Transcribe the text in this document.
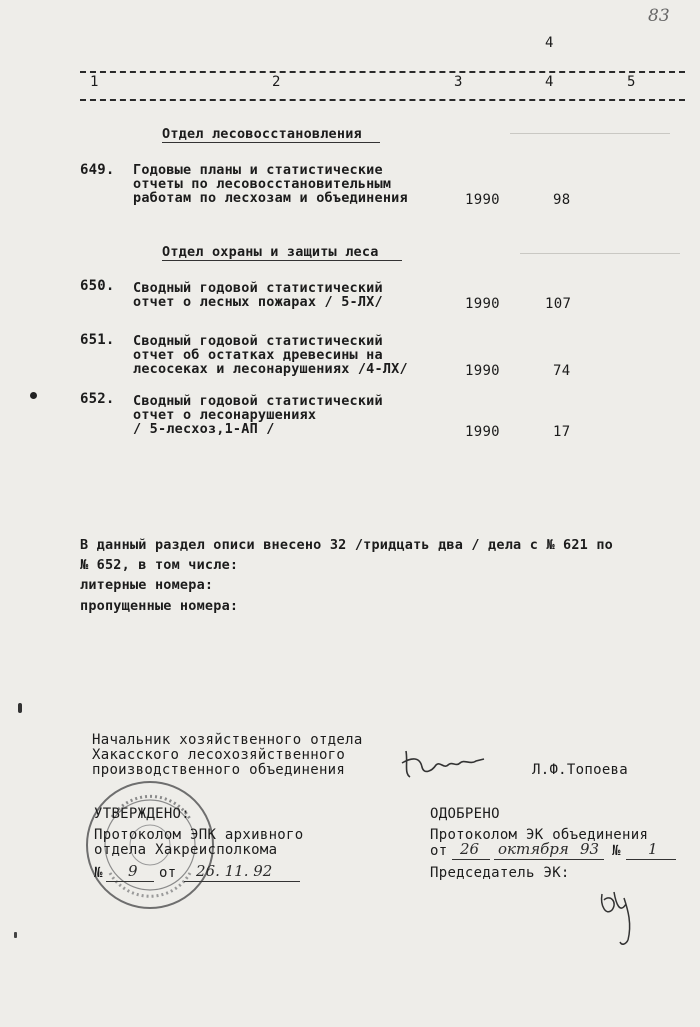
83
4
1	2	3	4	5
Отдел лесовосстановления
649. Годовые планы и статистические
отчеты по лесовосстановительным
работам по лесхозам и объединения	1990	98
Отдел охраны и защиты леса
650. Сводный годовой статистический
отчет о лесных пожарах / 5-ЛХ/	1990	107
651. Сводный годовой статистический
отчет об остатках древесины на
лесосеках и лесонарушениях /4-ЛХ/	1990	74
652. Сводный годовой статистический
отчет о лесонарушениях
/ 5-лесхоз,1-АП /	1990	17
В данный раздел описи внесено 32 /тридцать два / дела с № 621 по
№ 652, в том числе:
литерные номера:
пропущенные номера:
Начальник хозяйственного отдела
Хакасского лесохозяйственного
производственного объединения	Л.Ф.Топоева
УТВЕРЖДЕНО:
Протоколом ЭПК архивного
отдела Хакреисполкома
№ 9 от 26. 11. 92
ОДОБРЕНО
Протоколом ЭК объединения
от 26 октября 93 № 1
Председатель ЭК:
